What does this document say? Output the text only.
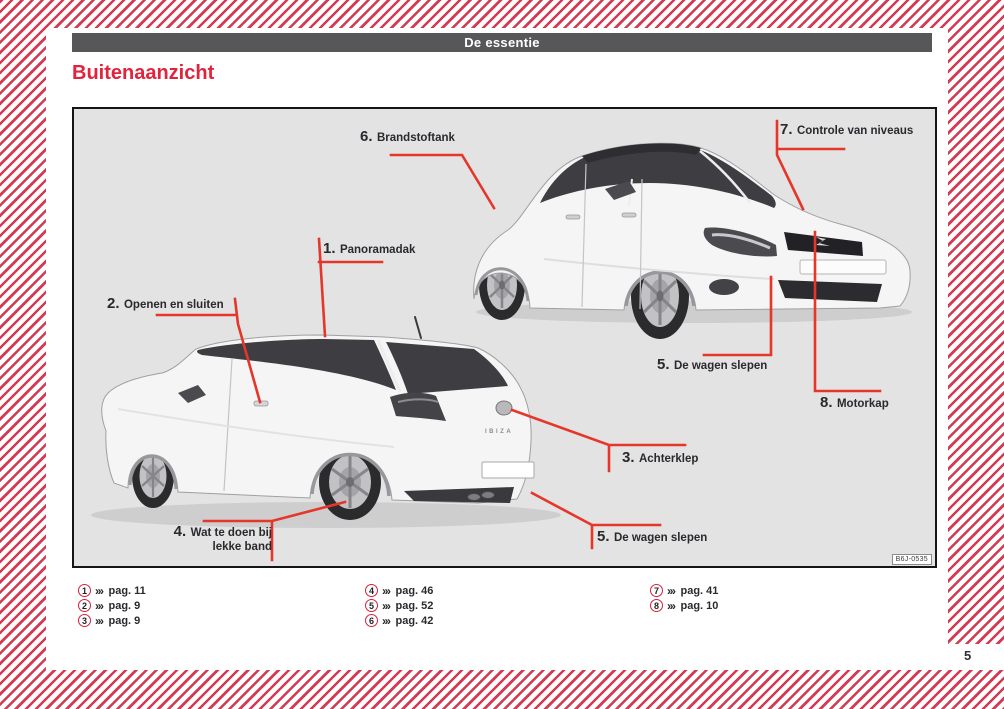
De essentie
Buitenaanzicht
IBIZA
1. Panoramadak
2. Openen en sluiten
3. Achterklep
4. Wat te doen bij
lekke band
5. De wagen slepen
5. De wagen slepen
6. Brandstoftank	7. Controle van niveaus
8. Motorkap
B6J-0535
1 ››› pag. 11
2 ››› pag. 9
3 ››› pag. 9
4 ››› pag. 46
5 ››› pag. 52
6 ››› pag. 42
7 ››› pag. 41
8 ››› pag. 10
5
